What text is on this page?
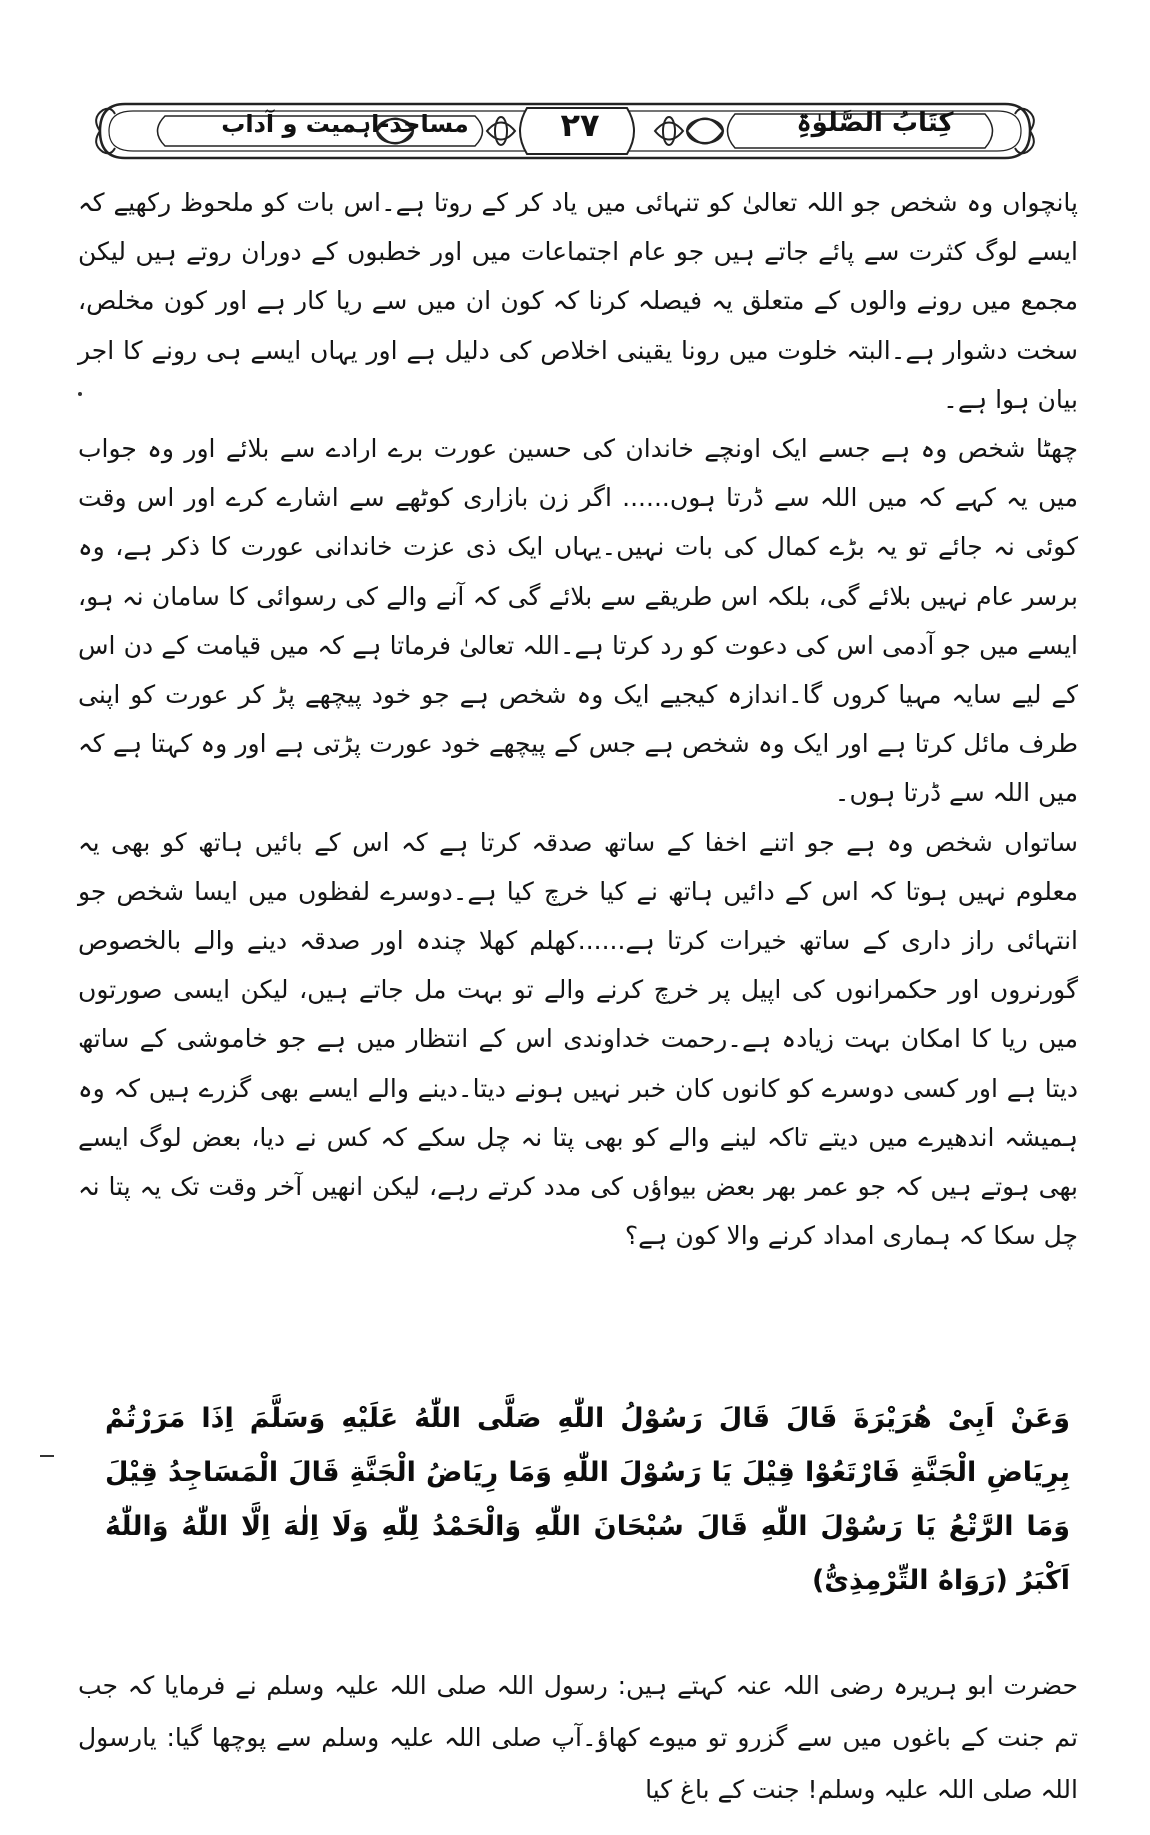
مساجد-اہمیت و آداب	۲۷	کِتَابُ الصَّلوٰۃِ

پانچواں وہ شخص جو اللہ تعالیٰ کو تنہائی میں یاد کر کے روتا ہے۔اس بات کو ملحوظ رکھیے کہ ایسے لوگ کثرت سے پائے جاتے ہیں جو عام اجتماعات میں اور خطبوں کے دوران روتے ہیں لیکن مجمع میں رونے والوں کے متعلق یہ فیصلہ کرنا کہ کون ان میں سے ریا کار ہے اور کون مخلص، سخت دشوار ہے۔البتہ خلوت میں رونا یقینی اخلاص کی دلیل ہے اور یہاں ایسے ہی رونے کا اجر بیان ہوا ہے۔

چھٹا شخص وہ ہے جسے ایک اونچے خاندان کی حسین عورت برے ارادے سے بلائے اور وہ جواب میں یہ کہے کہ میں اللہ سے ڈرتا ہوں...... اگر زن بازاری کوٹھے سے اشارے کرے اور اس وقت کوئی نہ جائے تو یہ بڑے کمال کی بات نہیں۔یہاں ایک ذی عزت خاندانی عورت کا ذکر ہے، وہ برسر عام نہیں بلائے گی، بلکہ اس طریقے سے بلائے گی کہ آنے والے کی رسوائی کا سامان نہ ہو، ایسے میں جو آدمی اس کی دعوت کو رد کرتا ہے۔اللہ تعالیٰ فرماتا ہے کہ میں قیامت کے دن اس کے لیے سایہ مہیا کروں گا۔اندازہ کیجیے ایک وہ شخص ہے جو خود پیچھے پڑ کر عورت کو اپنی طرف مائل کرتا ہے اور ایک وہ شخص ہے جس کے پیچھے خود عورت پڑتی ہے اور وہ کہتا ہے کہ میں اللہ سے ڈرتا ہوں۔

ساتواں شخص وہ ہے جو اتنے اخفا کے ساتھ صدقہ کرتا ہے کہ اس کے بائیں ہاتھ کو بھی یہ معلوم نہیں ہوتا کہ اس کے دائیں ہاتھ نے کیا خرچ کیا ہے۔دوسرے لفظوں میں ایسا شخص جو انتہائی راز داری کے ساتھ خیرات کرتا ہے......کھلم کھلا چندہ اور صدقہ دینے والے بالخصوص گورنروں اور حکمرانوں کی اپیل پر خرچ کرنے والے تو بہت مل جاتے ہیں، لیکن ایسی صورتوں میں ریا کا امکان بہت زیادہ ہے۔رحمت خداوندی اس کے انتظار میں ہے جو خاموشی کے ساتھ دیتا ہے اور کسی دوسرے کو کانوں کان خبر نہیں ہونے دیتا۔دینے والے ایسے بھی گزرے ہیں کہ وہ ہمیشہ اندھیرے میں دیتے تاکہ لینے والے کو بھی پتا نہ چل سکے کہ کس نے دیا، بعض لوگ ایسے بھی ہوتے ہیں کہ جو عمر بھر بعض بیواؤں کی مدد کرتے رہے، لیکن انھیں آخر وقت تک یہ پتا نہ چل سکا کہ ہماری امداد کرنے والا کون ہے؟

وَعَنْ اَبِیْ هُرَیْرَةَ قَالَ قَالَ رَسُوْلُ اللّٰهِ صَلَّى اللّٰهُ عَلَیْهِ وَسَلَّمَ اِذَا مَرَرْتُمْ بِرِیَاضِ الْجَنَّةِ فَارْتَعُوْا قِیْلَ یَا رَسُوْلَ اللّٰهِ وَمَا رِیَاضُ الْجَنَّةِ قَالَ الْمَسَاجِدُ قِیْلَ وَمَا الرَّتْعُ یَا رَسُوْلَ اللّٰهِ قَالَ سُبْحَانَ اللّٰهِ وَالْحَمْدُ لِلّٰهِ وَلَا اِلٰهَ اِلَّا اللّٰهُ وَاللّٰهُ اَكْبَرُ (رَوَاهُ التِّرْمِذِیُّ)

حضرت ابو ہریرہ رضی اللہ عنہ کہتے ہیں: رسول اللہ صلی اللہ علیہ وسلم نے فرمایا کہ جب تم جنت کے باغوں میں سے گزرو تو میوے کھاؤ۔آپ صلی اللہ علیہ وسلم سے پوچھا گیا: یارسول اللہ صلی اللہ علیہ وسلم! جنت کے باغ کیا
